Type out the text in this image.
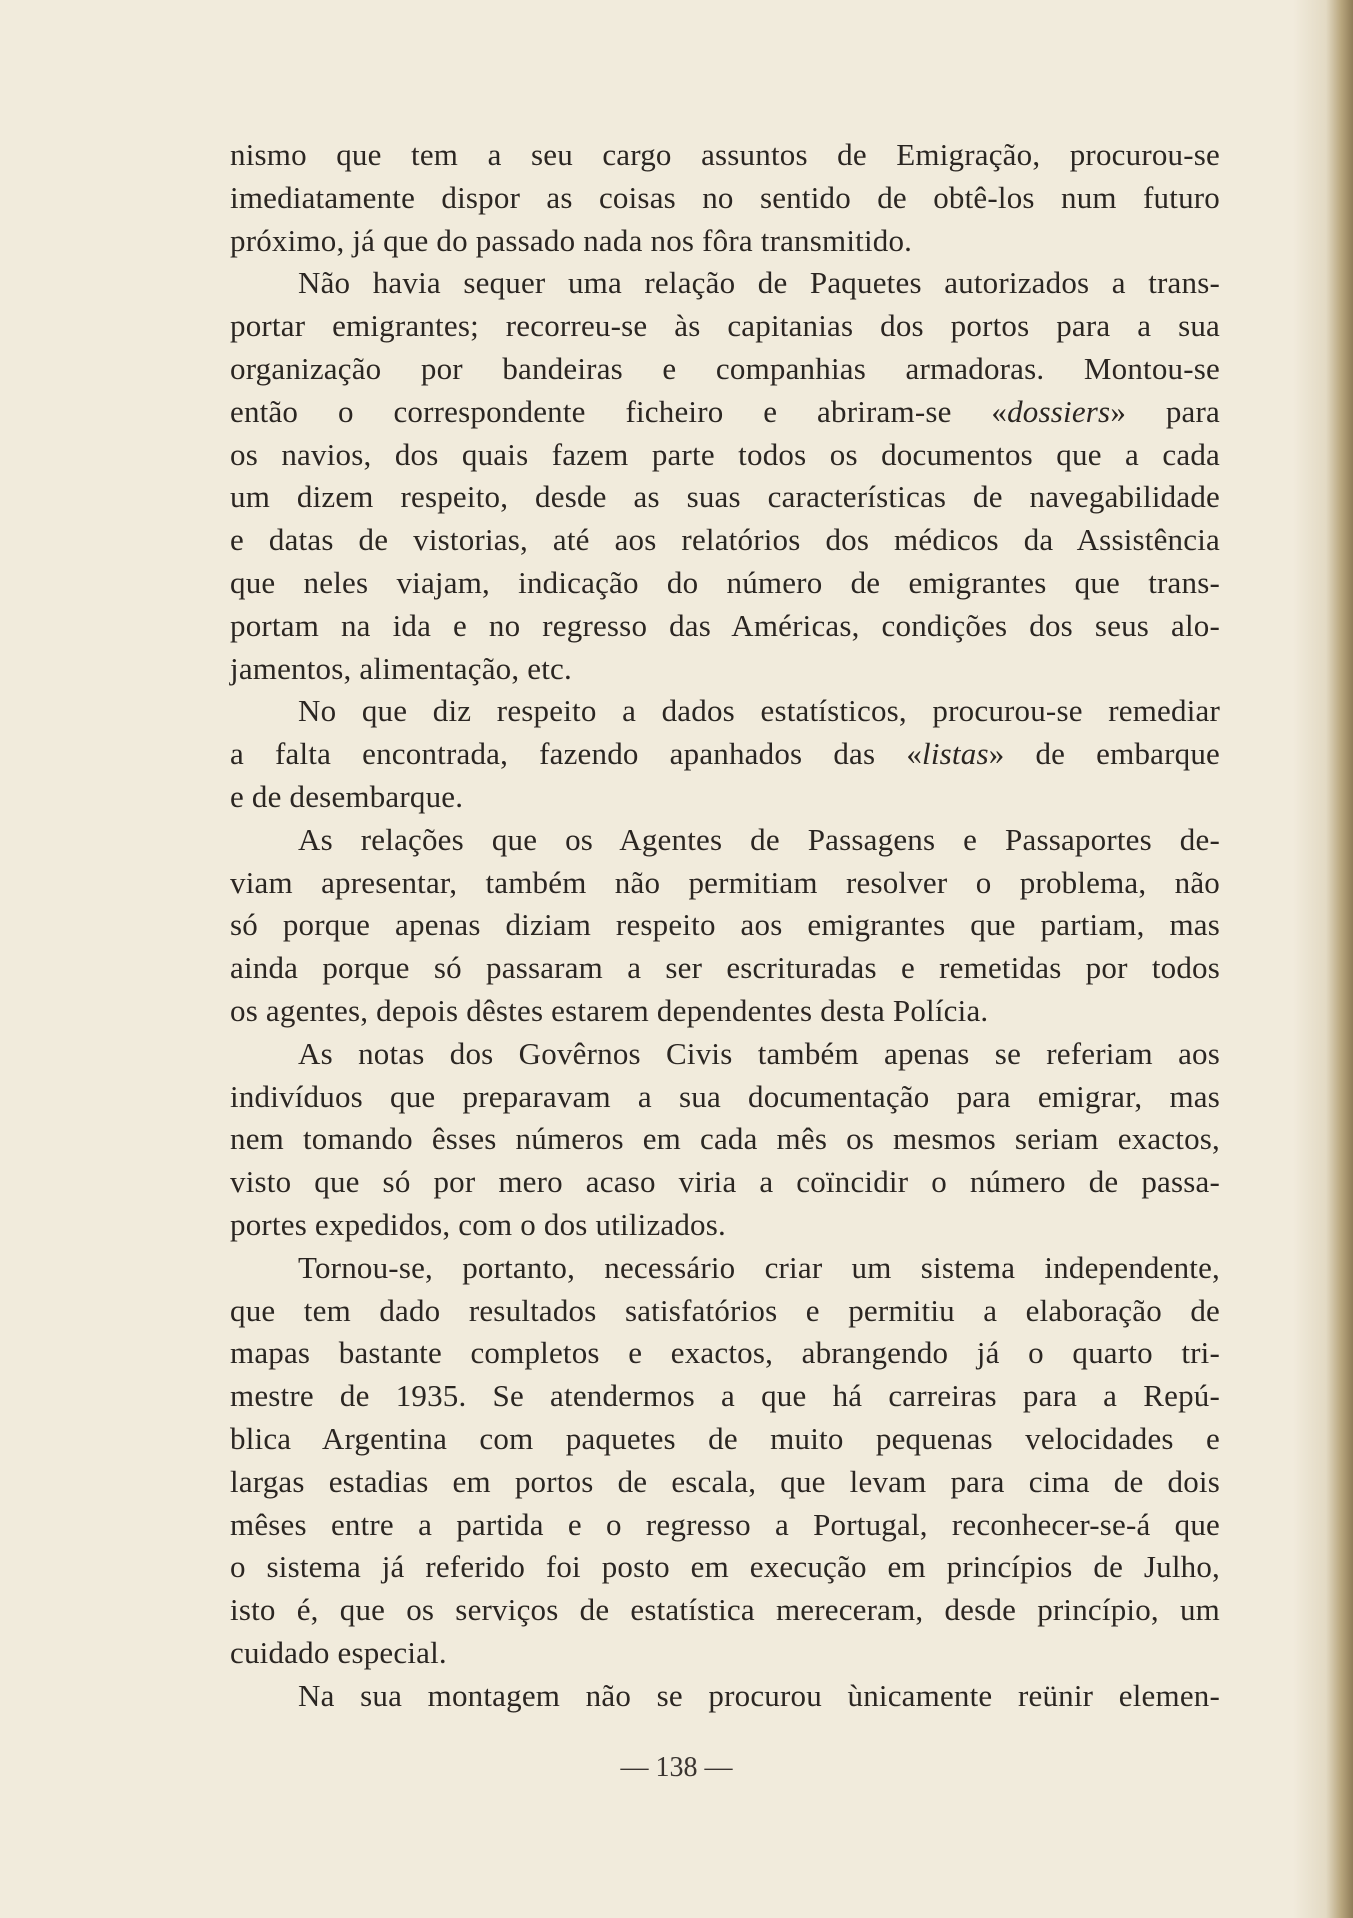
nismo que tem a seu cargo assuntos de Emigração, procurou-se
imediatamente dispor as coisas no sentido de obtê-los num futuro
próximo, já que do passado nada nos fôra transmitido.
Não havia sequer uma relação de Paquetes autorizados a trans-
portar emigrantes; recorreu-se às capitanias dos portos para a sua
organização por bandeiras e companhias armadoras. Montou-se
então o correspondente ficheiro e abriram-se «dossiers» para
os navios, dos quais fazem parte todos os documentos que a cada
um dizem respeito, desde as suas características de navegabilidade
e datas de vistorias, até aos relatórios dos médicos da Assistência
que neles viajam, indicação do número de emigrantes que trans-
portam na ida e no regresso das Américas, condições dos seus alo-
jamentos, alimentação, etc.
No que diz respeito a dados estatísticos, procurou-se remediar
a falta encontrada, fazendo apanhados das «listas» de embarque
e de desembarque.
As relações que os Agentes de Passagens e Passaportes de-
viam apresentar, também não permitiam resolver o problema, não
só porque apenas diziam respeito aos emigrantes que partiam, mas
ainda porque só passaram a ser escrituradas e remetidas por todos
os agentes, depois dêstes estarem dependentes desta Polícia.
As notas dos Govêrnos Civis também apenas se referiam aos
indivíduos que preparavam a sua documentação para emigrar, mas
nem tomando êsses números em cada mês os mesmos seriam exactos,
visto que só por mero acaso viria a coïncidir o número de passa-
portes expedidos, com o dos utilizados.
Tornou-se, portanto, necessário criar um sistema independente,
que tem dado resultados satisfatórios e permitiu a elaboração de
mapas bastante completos e exactos, abrangendo já o quarto tri-
mestre de 1935. Se atendermos a que há carreiras para a Repú-
blica Argentina com paquetes de muito pequenas velocidades e
largas estadias em portos de escala, que levam para cima de dois
mêses entre a partida e o regresso a Portugal, reconhecer-se-á que
o sistema já referido foi posto em execução em princípios de Julho,
isto é, que os serviços de estatística mereceram, desde princípio, um
cuidado especial.
Na sua montagem não se procurou ùnicamente reünir elemen-
— 138 —
